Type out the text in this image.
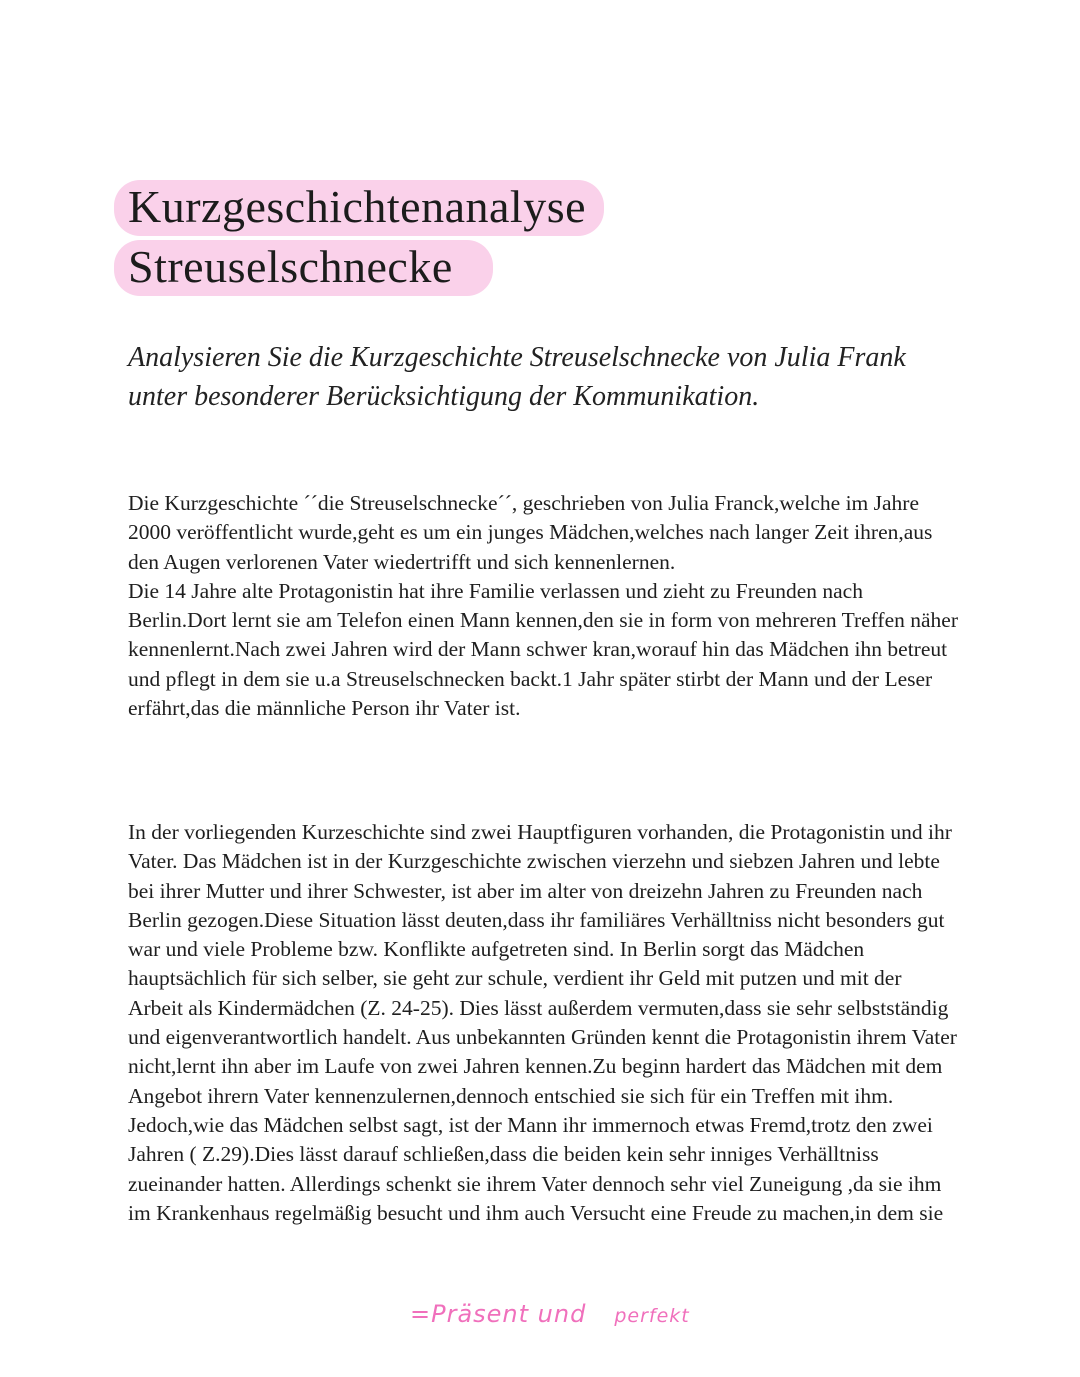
Kurzgeschichtenanalyse
Streuselschnecke
Analysieren Sie die Kurzgeschichte Streuselschnecke von Julia Frank unter besonderer Berücksichtigung der Kommunikation.
Die Kurzgeschichte ´´die Streuselschnecke´´, geschrieben von Julia Franck,welche im Jahre 2000 veröffentlicht wurde,geht es um ein junges Mädchen,welches nach langer Zeit ihren,aus den Augen verlorenen Vater wiedertrifft und sich kennenlernen.
Die 14 Jahre alte Protagonistin hat ihre Familie verlassen und zieht zu Freunden nach Berlin.Dort lernt sie am Telefon einen Mann kennen,den sie in form von mehreren Treffen näher kennenlernt.Nach zwei Jahren wird der Mann schwer kran,worauf hin das Mädchen ihn betreut und pflegt in dem sie u.a Streuselschnecken backt.1 Jahr später stirbt der Mann und der Leser erfährt,das die männliche Person ihr Vater ist.

In der vorliegenden Kurzeschichte sind zwei Hauptfiguren vorhanden, die Protagonistin und ihr Vater. Das Mädchen ist in der Kurzgeschichte zwischen vierzehn und siebzen Jahren und lebte bei ihrer Mutter und ihrer Schwester, ist aber im alter von dreizehn Jahren zu Freunden nach Berlin gezogen.Diese Situation lässt deuten,dass ihr familiäres Verhälltniss nicht besonders gut war und viele Probleme bzw. Konflikte aufgetreten sind. In Berlin sorgt das Mädchen hauptsächlich für sich selber, sie geht zur schule, verdient ihr Geld mit putzen und mit der Arbeit als Kindermädchen (Z. 24-25). Dies lässt außerdem vermuten,dass sie sehr selbstständig und eigenverantwortlich handelt. Aus unbekannten Gründen kennt die Protagonistin ihrem Vater nicht,lernt ihn aber im Laufe von zwei Jahren kennen.Zu beginn hardert das Mädchen mit dem Angebot ihrern Vater kennenzulernen,dennoch entschied sie sich für ein Treffen mit ihm. Jedoch,wie das Mädchen selbst sagt, ist der Mann ihr immernoch etwas Fremd,trotz den zwei Jahren ( Z.29).Dies lässt darauf schließen,dass die beiden kein sehr inniges Verhälltniss zueinander hatten. Allerdings schenkt sie ihrem Vater dennoch sehr viel Zuneigung ,da sie ihm im Krankenhaus regelmäßig besucht und ihm auch Versucht eine Freude zu machen,in dem sie

=Präsent und perfekt
